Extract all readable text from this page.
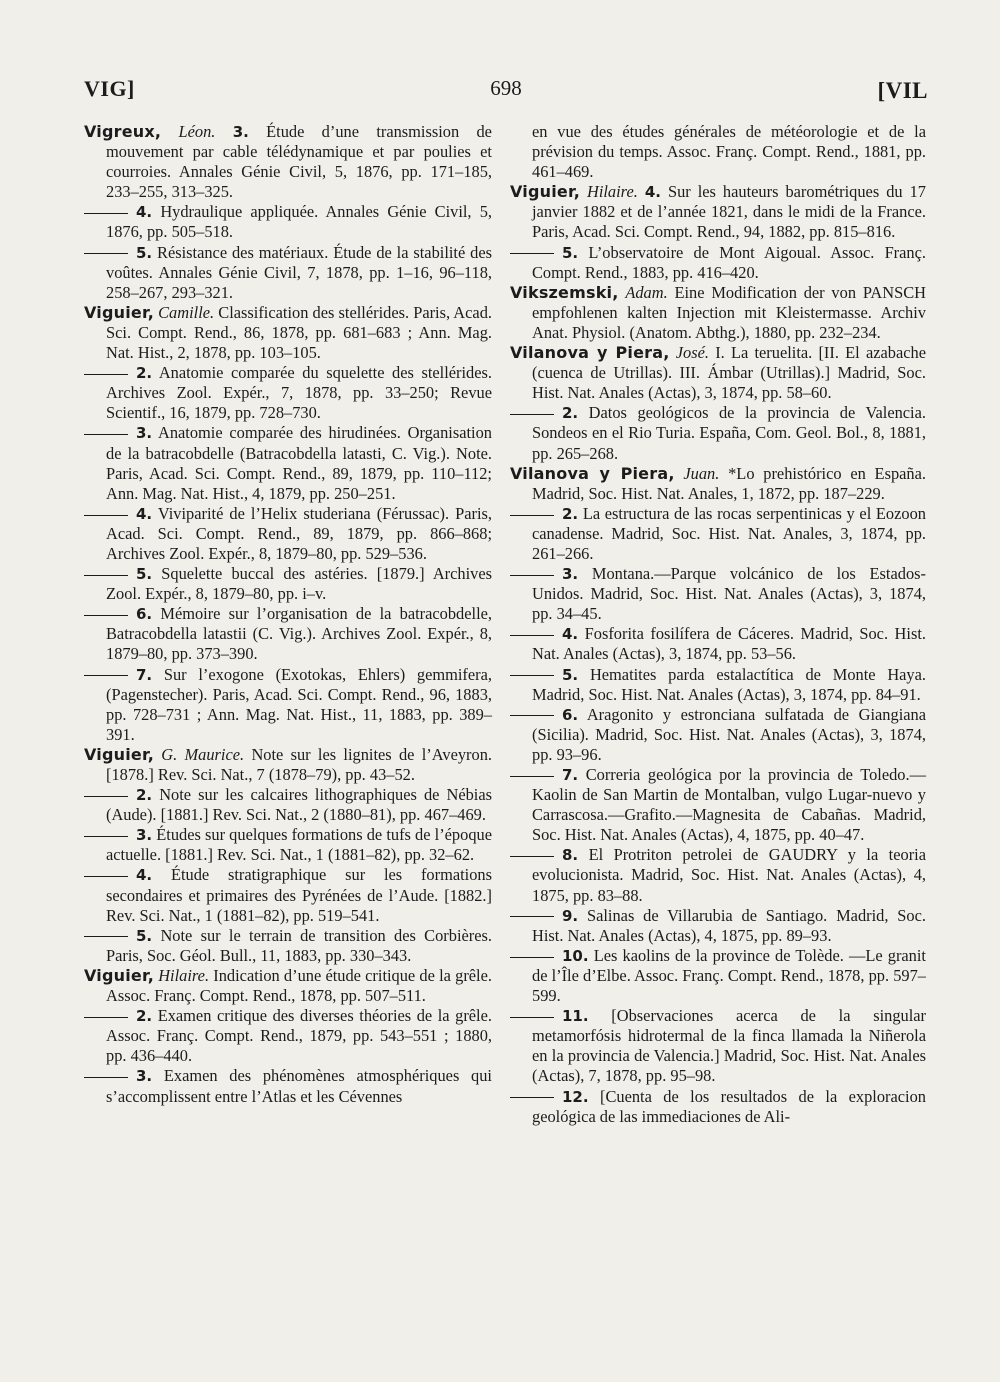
VIG]	698	[VIL

Vigreux, Léon. 3. Étude d’une transmission de mouvement par cable télédynamique et par poulies et courroies. Annales Génie Civil, 5, 1876, pp. 171–185, 233–255, 313–325.

4. Hydraulique appliquée. Annales Génie Civil, 5, 1876, pp. 505–518.

5. Résistance des matériaux. Étude de la stabilité des voûtes. Annales Génie Civil, 7, 1878, pp. 1–16, 96–118, 258–267, 293–321.

Viguier, Camille. Classification des stellérides. Paris, Acad. Sci. Compt. Rend., 86, 1878, pp. 681–683 ; Ann. Mag. Nat. Hist., 2, 1878, pp. 103–105.

2. Anatomie comparée du squelette des stellérides. Archives Zool. Expér., 7, 1878, pp. 33–250; Revue Scientif., 16, 1879, pp. 728–730.

3. Anatomie comparée des hirudinées. Organisation de la batracobdelle (Batracobdella latasti, C. Vig.). Note. Paris, Acad. Sci. Compt. Rend., 89, 1879, pp. 110–112; Ann. Mag. Nat. Hist., 4, 1879, pp. 250–251.

4. Viviparité de l’Helix studeriana (Férussac). Paris, Acad. Sci. Compt. Rend., 89, 1879, pp. 866–868; Archives Zool. Expér., 8, 1879–80, pp. 529–536.

5. Squelette buccal des astéries. [1879.] Archives Zool. Expér., 8, 1879–80, pp. i–v.

6. Mémoire sur l’organisation de la batracobdelle, Batracobdella latastii (C. Vig.). Archives Zool. Expér., 8, 1879–80, pp. 373–390.

7. Sur l’exogone (Exotokas, Ehlers) gemmifera, (Pagenstecher). Paris, Acad. Sci. Compt. Rend., 96, 1883, pp. 728–731 ; Ann. Mag. Nat. Hist., 11, 1883, pp. 389–391.

Viguier, G. Maurice. Note sur les lignites de l’Aveyron. [1878.] Rev. Sci. Nat., 7 (1878–79), pp. 43–52.

2. Note sur les calcaires lithographiques de Nébias (Aude). [1881.] Rev. Sci. Nat., 2 (1880–81), pp. 467–469.

3. Études sur quelques formations de tufs de l’époque actuelle. [1881.] Rev. Sci. Nat., 1 (1881–82), pp. 32–62.

4. Étude stratigraphique sur les formations secondaires et primaires des Pyrénées de l’Aude. [1882.] Rev. Sci. Nat., 1 (1881–82), pp. 519–541.

5. Note sur le terrain de transition des Corbières. Paris, Soc. Géol. Bull., 11, 1883, pp. 330–343.

Viguier, Hilaire. Indication d’une étude critique de la grêle. Assoc. Franç. Compt. Rend., 1878, pp. 507–511.

2. Examen critique des diverses théories de la grêle. Assoc. Franç. Compt. Rend., 1879, pp. 543–551 ; 1880, pp. 436–440.

3. Examen des phénomènes atmosphériques qui s’accomplissent entre l’Atlas et les Cévennes

en vue des études générales de météorologie et de la prévision du temps. Assoc. Franç. Compt. Rend., 1881, pp. 461–469.

Viguier, Hilaire. 4. Sur les hauteurs barométriques du 17 janvier 1882 et de l’année 1821, dans le midi de la France. Paris, Acad. Sci. Compt. Rend., 94, 1882, pp. 815–816.

5. L’observatoire de Mont Aigoual. Assoc. Franç. Compt. Rend., 1883, pp. 416–420.

Vikszemski, Adam. Eine Modification der von PANSCH empfohlenen kalten Injection mit Kleistermasse. Archiv Anat. Physiol. (Anatom. Abthg.), 1880, pp. 232–234.

Vilanova y Piera, José. I. La teruelita. [II. El azabache (cuenca de Utrillas). III. Ámbar (Utrillas).] Madrid, Soc. Hist. Nat. Anales (Actas), 3, 1874, pp. 58–60.

2. Datos geológicos de la provincia de Valencia. Sondeos en el Rio Turia. España, Com. Geol. Bol., 8, 1881, pp. 265–268.

Vilanova y Piera, Juan. *Lo prehistórico en España. Madrid, Soc. Hist. Nat. Anales, 1, 1872, pp. 187–229.

2. La estructura de las rocas serpentinicas y el Eozoon canadense. Madrid, Soc. Hist. Nat. Anales, 3, 1874, pp. 261–266.

3. Montana.—Parque volcánico de los Estados-Unidos. Madrid, Soc. Hist. Nat. Anales (Actas), 3, 1874, pp. 34–45.

4. Fosforita fosilífera de Cáceres. Madrid, Soc. Hist. Nat. Anales (Actas), 3, 1874, pp. 53–56.

5. Hematites parda estalactítica de Monte Haya. Madrid, Soc. Hist. Nat. Anales (Actas), 3, 1874, pp. 84–91.

6. Aragonito y estronciana sulfatada de Giangiana (Sicilia). Madrid, Soc. Hist. Nat. Anales (Actas), 3, 1874, pp. 93–96.

7. Correria geológica por la provincia de Toledo.—Kaolin de San Martin de Montalban, vulgo Lugar-nuevo y Carrascosa.—Grafito.—Magnesita de Cabañas. Madrid, Soc. Hist. Nat. Anales (Actas), 4, 1875, pp. 40–47.

8. El Protriton petrolei de GAUDRY y la teoria evolucionista. Madrid, Soc. Hist. Nat. Anales (Actas), 4, 1875, pp. 83–88.

9. Salinas de Villarubia de Santiago. Madrid, Soc. Hist. Nat. Anales (Actas), 4, 1875, pp. 89–93.

10. Les kaolins de la province de Tolède. —Le granit de l’Île d’Elbe. Assoc. Franç. Compt. Rend., 1878, pp. 597–599.

11. [Observaciones acerca de la singular metamorfósis hidrotermal de la finca llamada la Niñerola en la provincia de Valencia.] Madrid, Soc. Hist. Nat. Anales (Actas), 7, 1878, pp. 95–98.

12. [Cuenta de los resultados de la exploracion geológica de las immediaciones de Ali-
